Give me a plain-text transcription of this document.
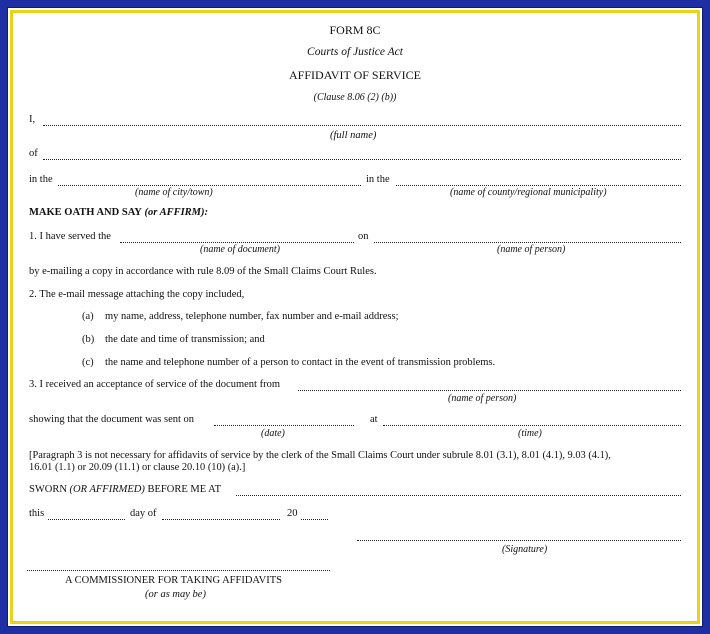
FORM 8C
Courts of Justice Act
AFFIDAVIT OF SERVICE
(Clause 8.06 (2) (b))
I,
(full name)
of
in the	in the
(name of city/town)	(name of county/regional municipality)
MAKE OATH AND SAY (or AFFIRM):
1. I have served the	on
(name of document)	(name of person)
by e-mailing a copy in accordance with rule 8.09 of the Small Claims Court Rules.
2. The e-mail message attaching the copy included,
(a) my name, address, telephone number, fax number and e-mail address;
(b) the date and time of transmission; and
(c) the name and telephone number of a person to contact in the event of transmission problems.
3. I received an acceptance of service of the document from
(name of person)
showing that the document was sent on	at
(date)	(time)
[Paragraph 3 is not necessary for affidavits of service by the clerk of the Small Claims Court under subrule 8.01 (3.1), 8.01 (4.1), 9.03 (4.1),
16.01 (1.1) or 20.09 (11.1) or clause 20.10 (10) (a).]
SWORN (OR AFFIRMED) BEFORE ME AT
this	day of	20
(Signature)
A COMMISSIONER FOR TAKING AFFIDAVITS
(or as may be)
